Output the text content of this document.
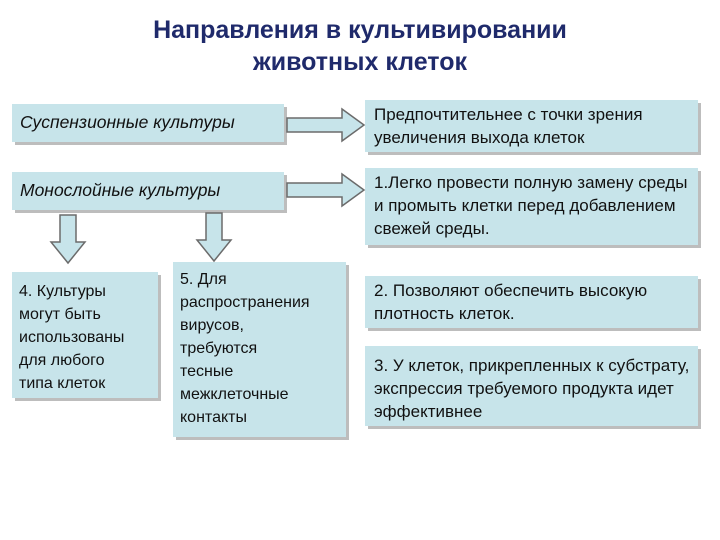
Направления в культивировании
животных клеток
Суспензионные культуры
Монослойные культуры
Предпочтительнее с точки зрения увеличения выхода клеток
1.Легко провести полную замену среды и промыть клетки перед добавлением свежей среды.
2. Позволяют обеспечить высокую
плотность клеток.
3. У клеток, прикрепленных к субстрату, экспрессия требуемого продукта идет эффективнее
4. Культуры
могут быть
использованы
для любого
типа клеток
5. Для
распространения
вирусов,
требуются
тесные
межклеточные
контакты
